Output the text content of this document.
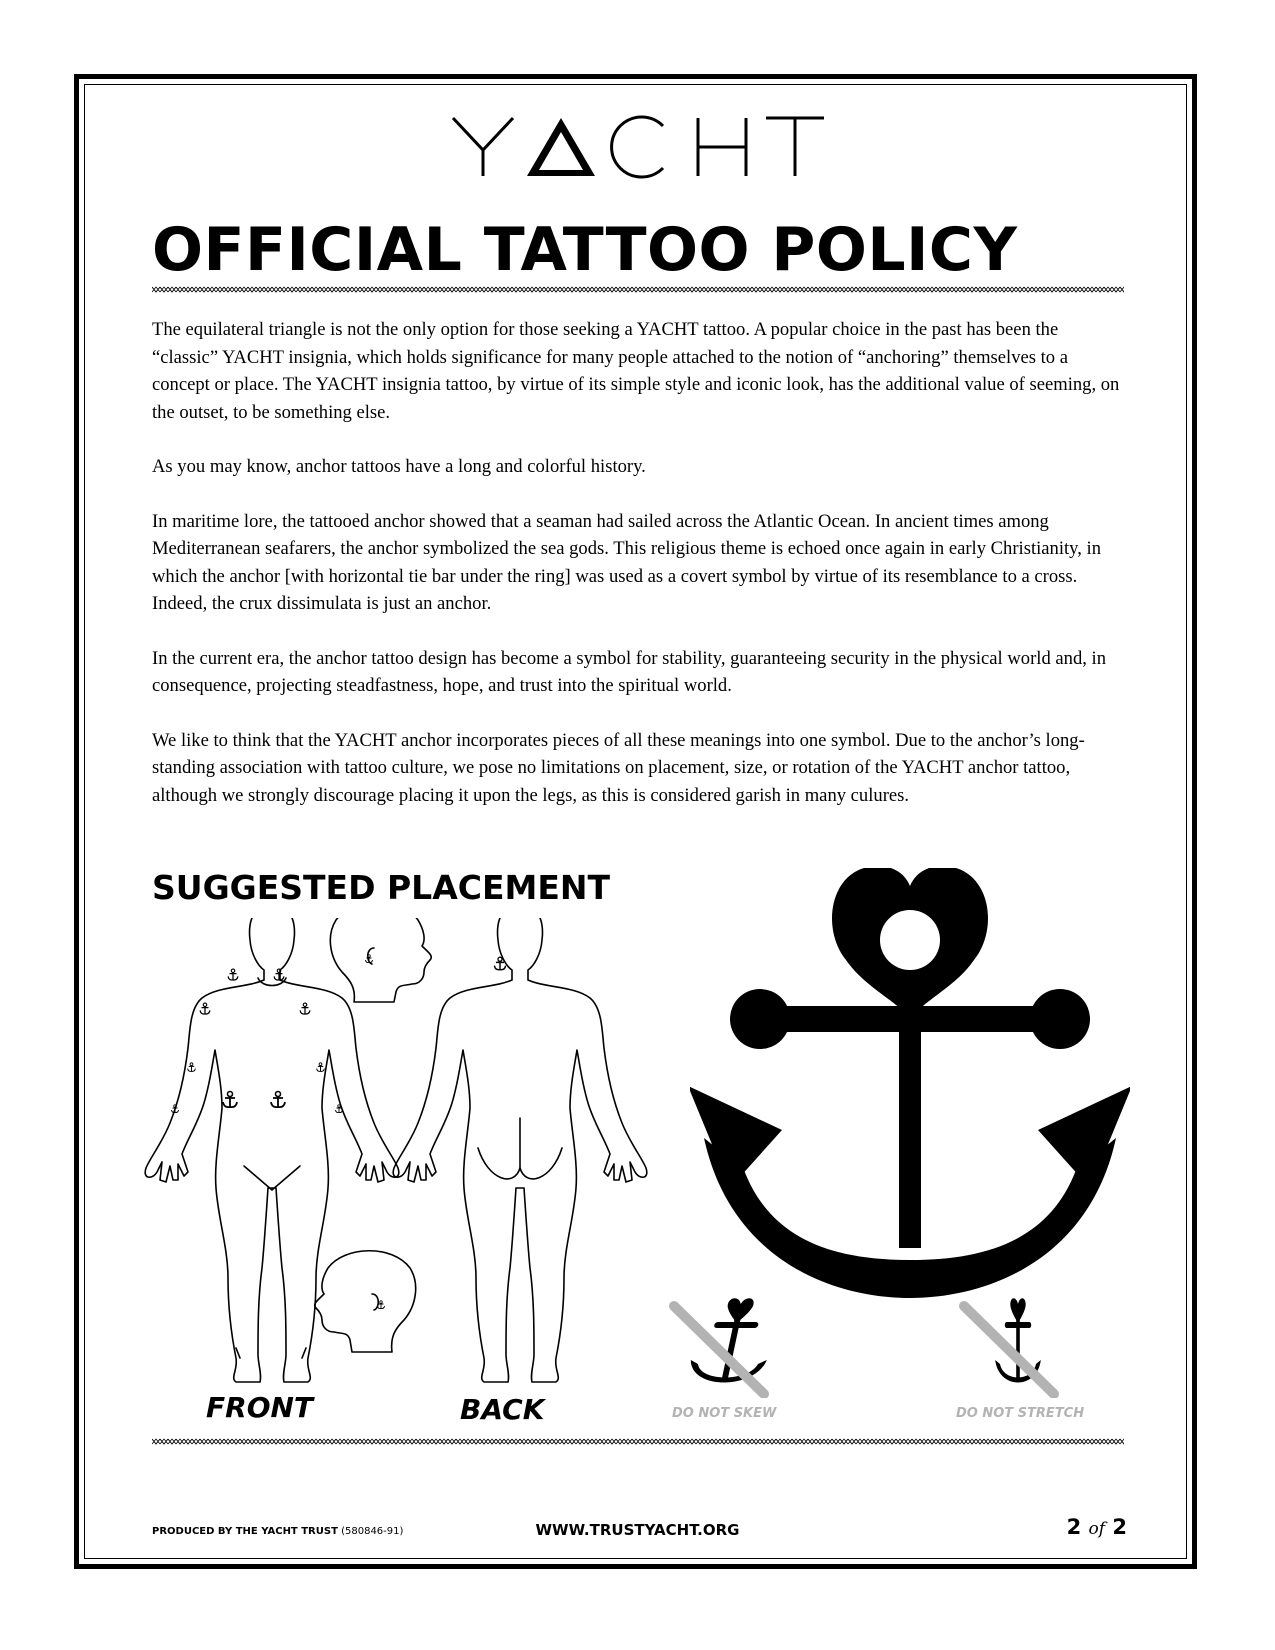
OFFICIAL TATTOO POLICY

The equilateral triangle is not the only option for those seeking a YACHT tattoo. A popular choice in the past has been the “classic” YACHT insignia, which holds significance for many people attached to the notion of “anchoring” themselves to a concept or place. The YACHT insignia tattoo, by virtue of its simple style and iconic look, has the additional value of seeming, on the outset, to be something else.

As you may know, anchor tattoos have a long and colorful history.

In maritime lore, the tattooed anchor showed that a seaman had sailed across the Atlantic Ocean. In ancient times among Mediterranean seafarers, the anchor symbolized the sea gods. This religious theme is echoed once again in early Christianity, in which the anchor [with horizontal tie bar under the ring] was used as a covert symbol by virtue of its resemblance to a cross. Indeed, the crux dissimulata is just an anchor.

In the current era, the anchor tattoo design has become a symbol for stability, guaranteeing security in the physical world and, in consequence, projecting steadfastness, hope, and trust into the spiritual world.

We like to think that the YACHT anchor incorporates pieces of all these meanings into one symbol. Due to the anchor’s long-standing association with tattoo culture, we pose no limitations on placement, size, or rotation of the YACHT anchor tattoo, although we strongly discourage placing it upon the legs, as this is considered garish in many culures.

SUGGESTED PLACEMENT
FRONT	BACK	DO NOT SKEW	DO NOT STRETCH
PRODUCED BY THE YACHT TRUST (580846-91)	WWW.TRUSTYACHT.ORG	2 of 2
